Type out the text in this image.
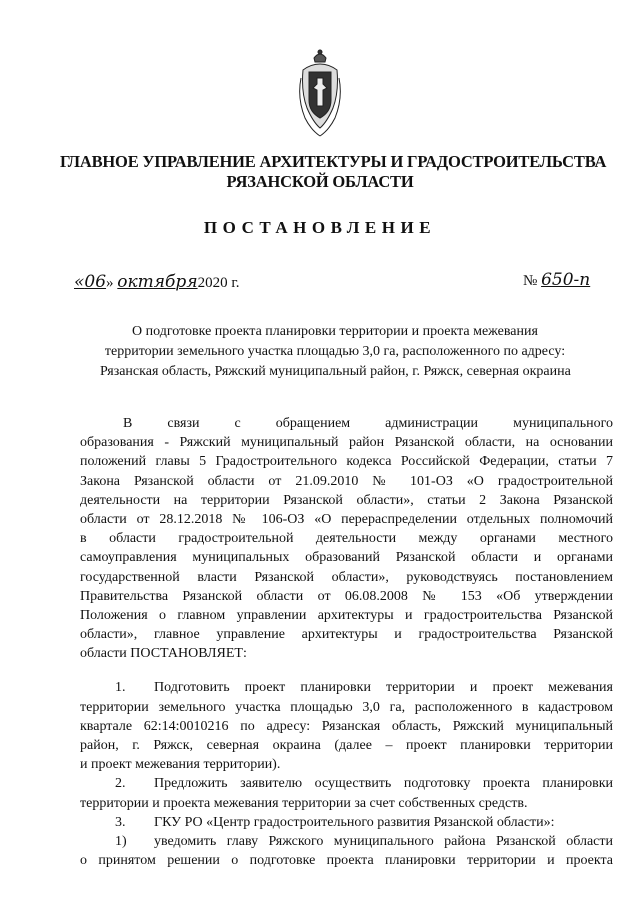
ГЛАВНОЕ УПРАВЛЕНИЕ АРХИТЕКТУРЫ И ГРАДОСТРОИТЕЛЬСТВА
РЯЗАНСКОЙ ОБЛАСТИ
ПОСТАНОВЛЕНИЕ
«06» октября2020 г.	№ 650-п
О подготовке проекта планировки территории и проекта межевания
территории земельного участка площадью 3,0 га, расположенного по адресу:
Рязанская область, Ряжский муниципальный район, г. Ряжск, северная окраина
В связи с обращением администрации муниципального
образования - Ряжский муниципальный район Рязанской области, на основании
положений главы 5 Градостроительного кодекса Российской Федерации, статьи 7
Закона Рязанской области от 21.09.2010 № 101-ОЗ «О градостроительной
деятельности на территории Рязанской области», статьи 2 Закона Рязанской
области от 28.12.2018 № 106-ОЗ «О перераспределении отдельных полномочий
в области градостроительной деятельности между органами местного
самоуправления муниципальных образований Рязанской области и органами
государственной власти Рязанской области», руководствуясь постановлением
Правительства Рязанской области от 06.08.2008 № 153 «Об утверждении
Положения о главном управлении архитектуры и градостроительства Рязанской
области», главное управление архитектуры и градостроительства Рязанской
области ПОСТАНОВЛЯЕТ:
1.	Подготовить проект планировки территории и проект межевания
территории земельного участка площадью 3,0 га, расположенного в кадастровом
квартале 62:14:0010216 по адресу: Рязанская область, Ряжский муниципальный
район, г. Ряжск, северная окраина (далее – проект планировки территории
и проект межевания территории).
2.	Предложить заявителю осуществить подготовку проекта планировки
территории и проекта межевания территории за счет собственных средств.
3.	ГКУ РО «Центр градостроительного развития Рязанской области»:
1)	уведомить главу Ряжского муниципального района Рязанской области
о принятом решении о подготовке проекта планировки территории и проекта
